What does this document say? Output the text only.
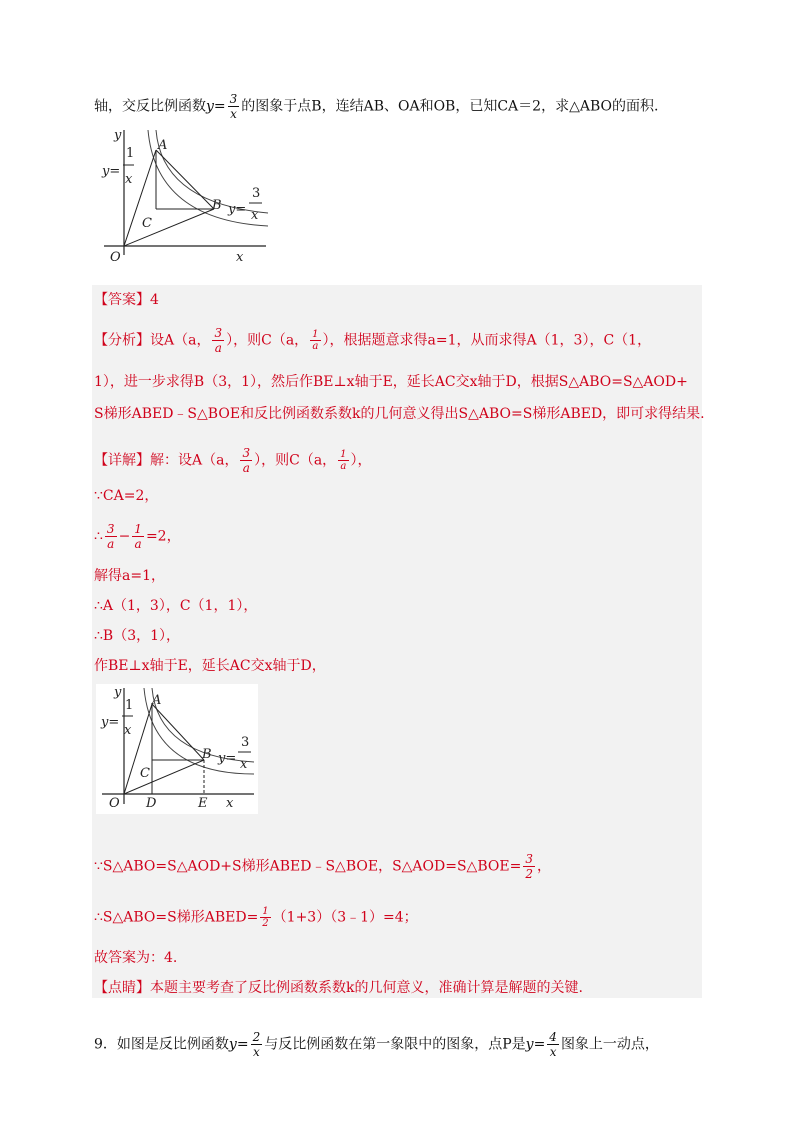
轴，交反比例函数$y= \frac{3}{x}$ 的图象于点B，连结AB、OA和OB，已知CA＝2，求△ABO的面积.
y
x
O
A
B
C
y=
1
x
y=
3
x
【答案】4
【分析】设A（a， $\frac{3}{a}$ ），则C（a， $\frac{1}{a}$ ），根据题意求得a=1，从而求得A（1，3），C（1，
1），进一步求得B（3，1），然后作BE⊥x轴于E，延长AC交x轴于D，根据S△ABO=S△AOD+
S梯形ABED﹣S△BOE和反比例函数系数k的几何意义得出S△ABO=S梯形ABED，即可求得结果.
【详解】解：设A（a， $\frac{3}{a}$ ），则C（a， $\frac{1}{a}$ ），
∵CA=2，
∴ $\frac{3}{a} - \frac{1}{a} =2$，
解得a=1，
∴A（1，3），C（1，1），
∴B（3，1），
作BE⊥x轴于E，延长AC交x轴于D，
y
x
O
A
B
C
D	E
y=
1
x
y=
3
x
∵S△ABO=S△AOD+S梯形ABED﹣S△BOE，S△AOD=S△BOE= $\frac{3}{2}$ ，
∴S△ABO=S梯形ABED= $\frac{1}{2}$ （1+3）（3﹣1）=4；
故答案为：4.
【点睛】本题主要考查了反比例函数系数k的几何意义，准确计算是解题的关键.
9．如图是反比例函数$y= \frac{2}{x}$ 与反比例函数在第一象限中的图象，点P是$y= \frac{4}{x}$ 图象上一动点，
